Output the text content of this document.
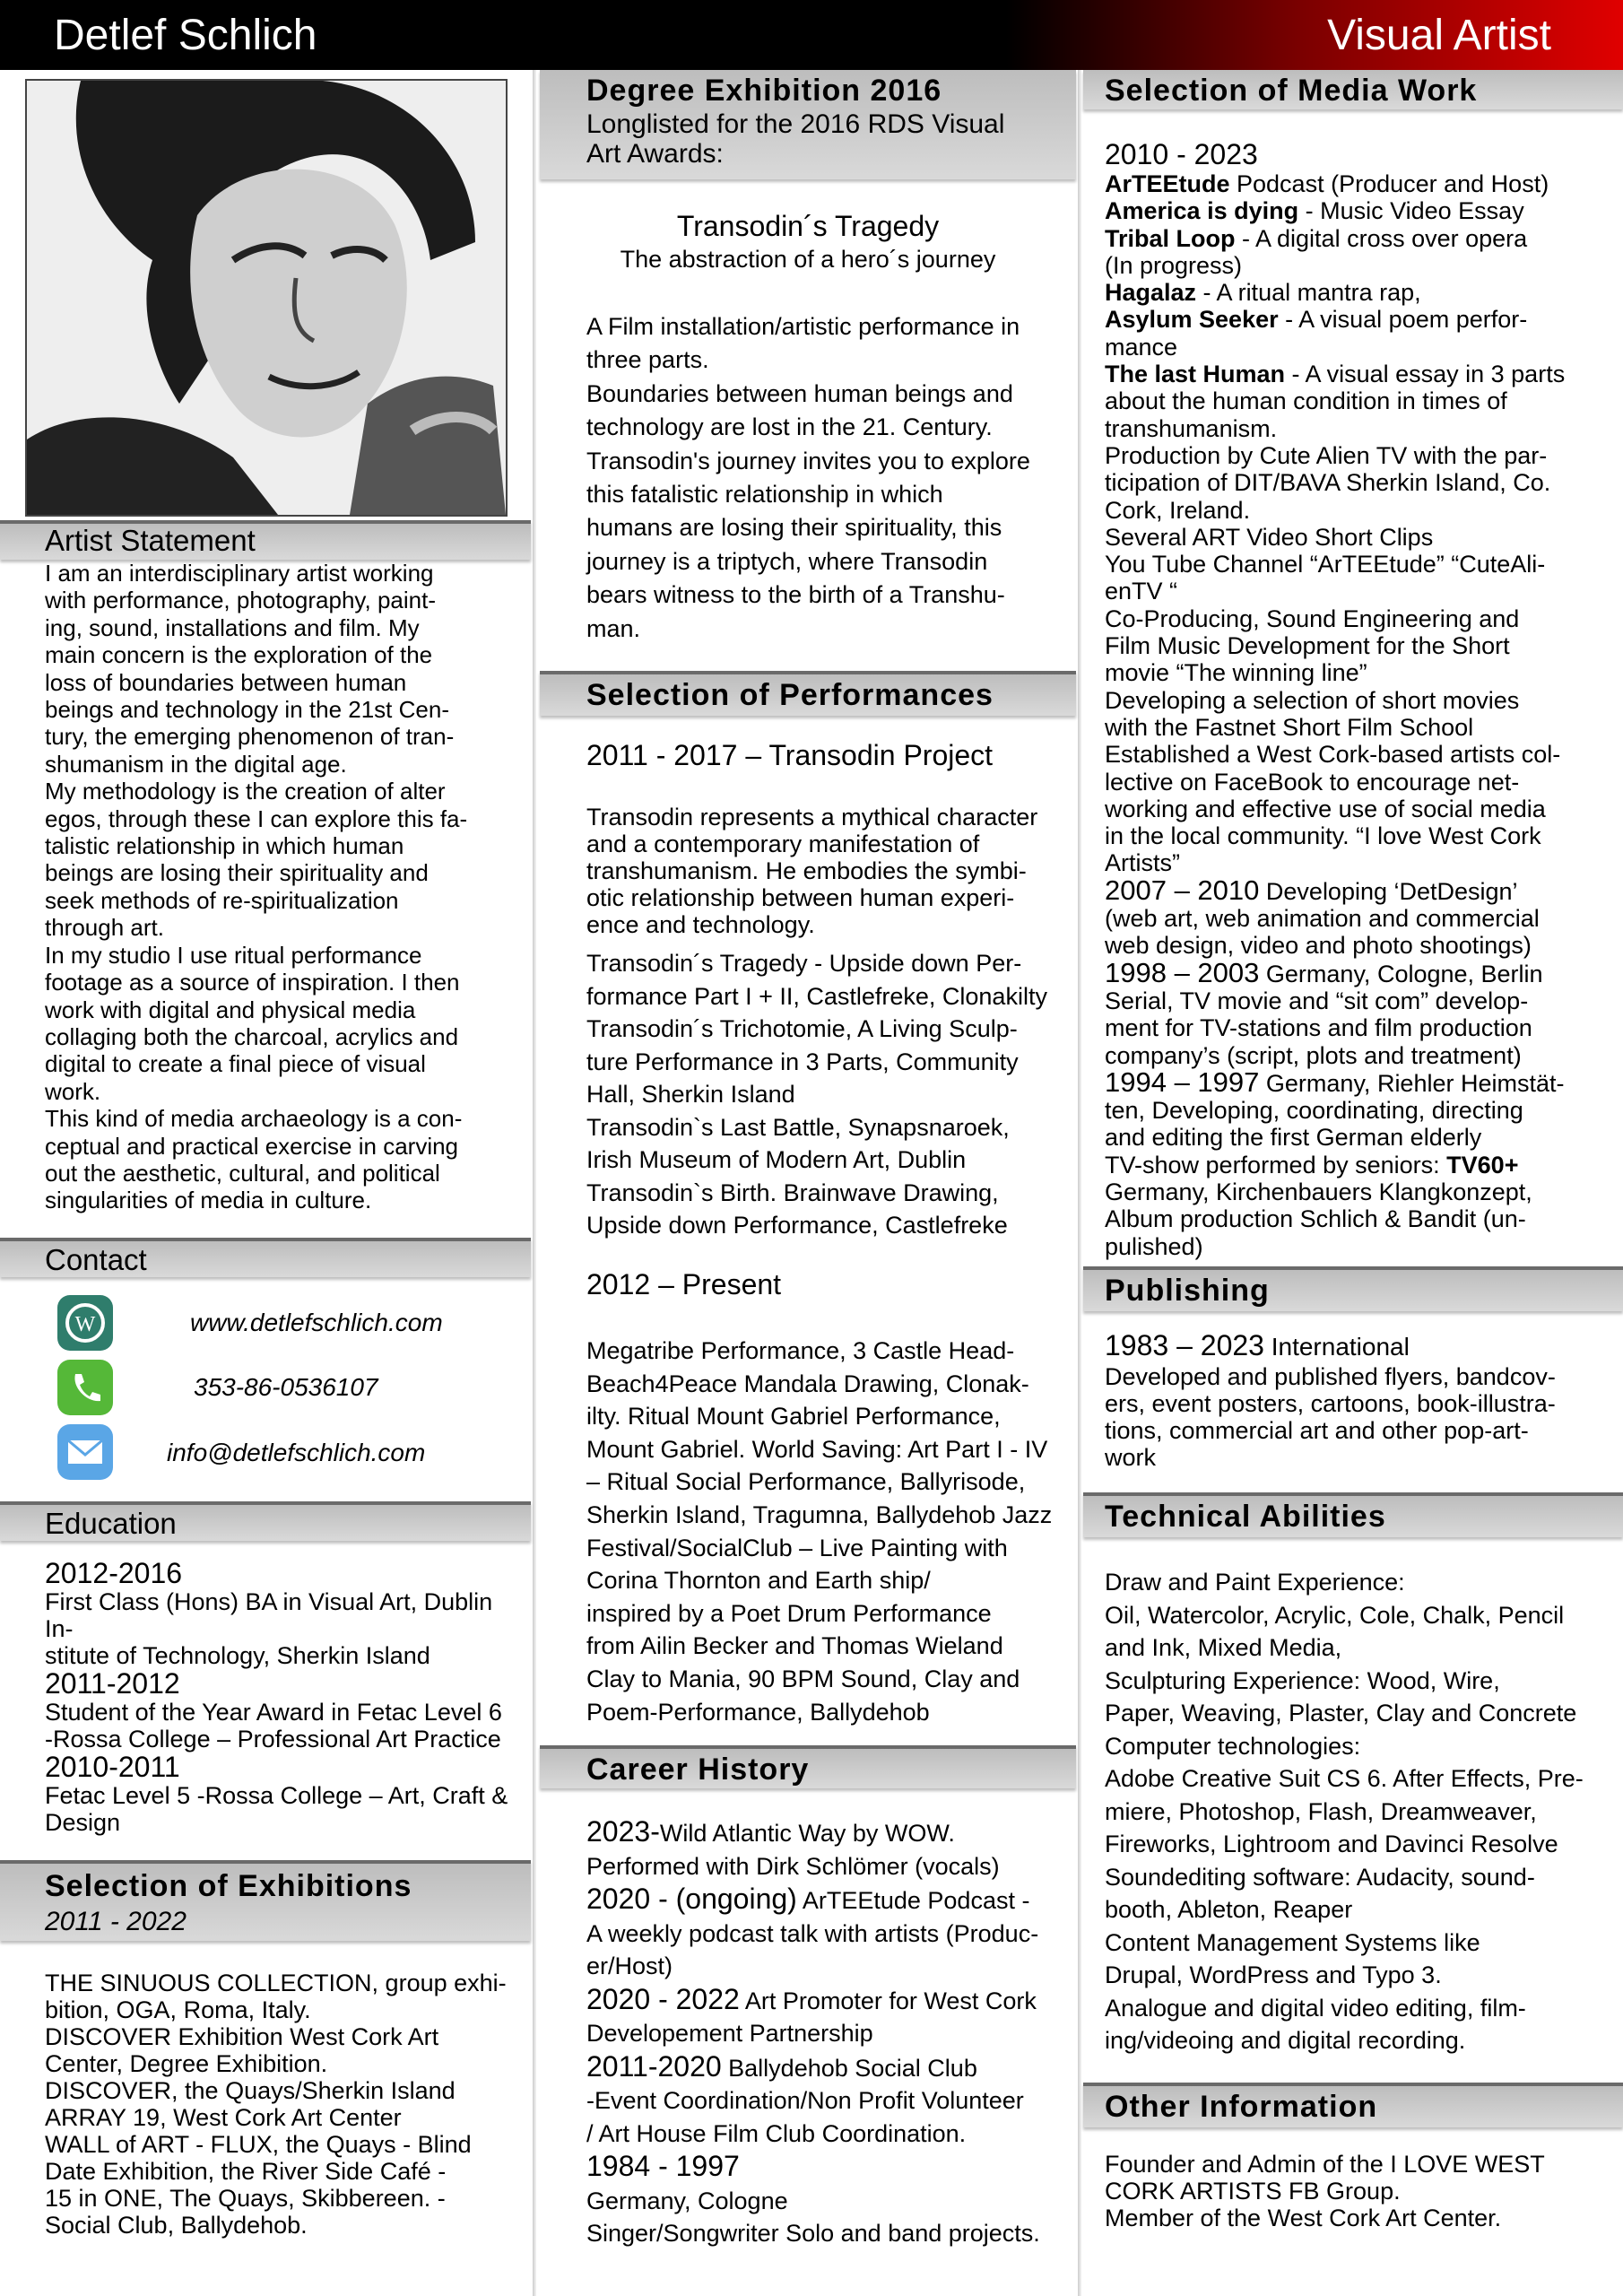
Detlef Schlich	Visual Artist
Artist Statement
I am an interdisciplinary artist working
with performance, photography, paint-
ing, sound, installations and film. My
main concern is the exploration of the
loss of boundaries between human
beings and technology in the 21st Cen-
tury, the emerging phenomenon of tran-
shumanism in the digital age.
My methodology is the creation of alter
egos, through these I can explore this fa-
talistic relationship in which human
beings are losing their spirituality and
seek methods of re-spiritualization
through art.
In my studio I use ritual performance
footage as a source of inspiration. I then
work with digital and physical media
collaging both the charcoal, acrylics and
digital to create a final piece of visual
work.
This kind of media archaeology is a con-
ceptual and practical exercise in carving
out the aesthetic, cultural, and political
singularities of media in culture.
Contact
W	www.detlefschlich.com
353-86-0536107
info@detlefschlich.com
Education
2012-2016
First Class (Hons) BA in Visual Art, Dublin In-
stitute of Technology, Sherkin Island
2011-2012
Student of the Year Award in Fetac Level 6
-Rossa College – Professional Art Practice
2010-2011
Fetac Level 5 -Rossa College – Art, Craft &
Design
Selection of Exhibitions
2011 - 2022
THE SINUOUS COLLECTION, group exhi-
bition, OGA, Roma, Italy.
DISCOVER Exhibition West Cork Art
Center, Degree Exhibition.
DISCOVER, the Quays/Sherkin Island
ARRAY 19, West Cork Art Center
WALL of ART - FLUX, the Quays - Blind
Date Exhibition, the River Side Café -
15 in ONE, The Quays, Skibbereen. -
Social Club, Ballydehob.
Degree Exhibition 2016
Longlisted for the 2016 RDS Visual
Art Awards:
Transodin´s Tragedy
The abstraction of a hero´s journey
A Film installation/artistic performance in
three parts.
Boundaries between human beings and
technology are lost in the 21. Century.
Transodin's journey invites you to explore
this fatalistic relationship in which
humans are losing their spirituality, this
journey is a triptych, where Transodin
bears witness to the birth of a Transhu-
man.
Selection of Performances
2011 - 2017 – Transodin Project
Transodin represents a mythical character
and a contemporary manifestation of
transhumanism. He embodies the symbi-
otic relationship between human experi-
ence and technology.
Transodin´s Tragedy - Upside down Per-
formance Part I + II, Castlefreke, Clonakilty
Transodin´s Trichotomie, A Living Sculp-
ture Performance in 3 Parts, Community
Hall, Sherkin Island
Transodin`s Last Battle, Synapsnaroek,
Irish Museum of Modern Art, Dublin
Transodin`s Birth. Brainwave Drawing,
Upside down Performance, Castlefreke
2012 – Present
Megatribe Performance, 3 Castle Head-
Beach4Peace Mandala Drawing, Clonak-
ilty. Ritual Mount Gabriel Performance,
Mount Gabriel. World Saving: Art Part I - IV
– Ritual Social Performance, Ballyrisode,
Sherkin Island, Tragumna, Ballydehob Jazz
Festival/SocialClub – Live Painting with
Corina Thornton and Earth ship/
inspired by a Poet Drum Performance
from Ailin Becker and Thomas Wieland
Clay to Mania, 90 BPM Sound, Clay and
Poem-Performance, Ballydehob
Career History
2023-Wild Atlantic Way by WOW.
Performed with Dirk Schlömer (vocals)
2020 - (ongoing) ArTEEtude Podcast -
A weekly podcast talk with artists (Produc-
er/Host)
2020 - 2022 Art Promoter for West Cork
Developement Partnership
2011-2020 Ballydehob Social Club
-Event Coordination/Non Profit Volunteer
/ Art House Film Club Coordination.
1984 - 1997
Germany, Cologne
Singer/Songwriter Solo and band projects.
Selection of Media Work
2010 - 2023
ArTEEtude Podcast (Producer and Host)
America is dying - Music Video Essay
Tribal Loop - A digital cross over opera
(In progress)
Hagalaz - A ritual mantra rap,
Asylum Seeker - A visual poem perfor-
mance
The last Human - A visual essay in 3 parts
about the human condition in times of
transhumanism.
Production by Cute Alien TV with the par-
ticipation of DIT/BAVA Sherkin Island, Co.
Cork, Ireland.
Several ART Video Short Clips
You Tube Channel “ArTEEtude” “CuteAli-
enTV “
Co-Producing, Sound Engineering and
Film Music Development for the Short
movie “The winning line”
Developing a selection of short movies
with the Fastnet Short Film School
Established a West Cork-based artists col-
lective on FaceBook to encourage net-
working and effective use of social media
in the local community. “I love West Cork
Artists”
2007 – 2010 Developing ‘DetDesign’
(web art, web animation and commercial
web design, video and photo shootings)
1998 – 2003 Germany, Cologne, Berlin
Serial, TV movie and “sit com” develop-
ment for TV-stations and film production
company’s (script, plots and treatment)
1994 – 1997 Germany, Riehler Heimstät-
ten, Developing, coordinating, directing
and editing the first German elderly
TV-show performed by seniors: TV60+
Germany, Kirchenbauers Klangkonzept,
Album production Schlich & Bandit (un-
pulished)
Publishing
1983 – 2023 International
Developed and published flyers, bandcov-
ers, event posters, cartoons, book-illustra-
tions, commercial art and other pop-art-
work
Technical Abilities
Draw and Paint Experience:
Oil, Watercolor, Acrylic, Cole, Chalk, Pencil
and Ink, Mixed Media,
Sculpturing Experience: Wood, Wire,
Paper, Weaving, Plaster, Clay and Concrete
Computer technologies:
Adobe Creative Suit CS 6. After Effects, Pre-
miere, Photoshop, Flash, Dreamweaver,
Fireworks, Lightroom and Davinci Resolve
Soundediting software: Audacity, sound-
booth, Ableton, Reaper
Content Management Systems like
Drupal, WordPress and Typo 3.
Analogue and digital video editing, film-
ing/videoing and digital recording.
Other Information
Founder and Admin of the I LOVE WEST
CORK ARTISTS FB Group.
Member of the West Cork Art Center.
